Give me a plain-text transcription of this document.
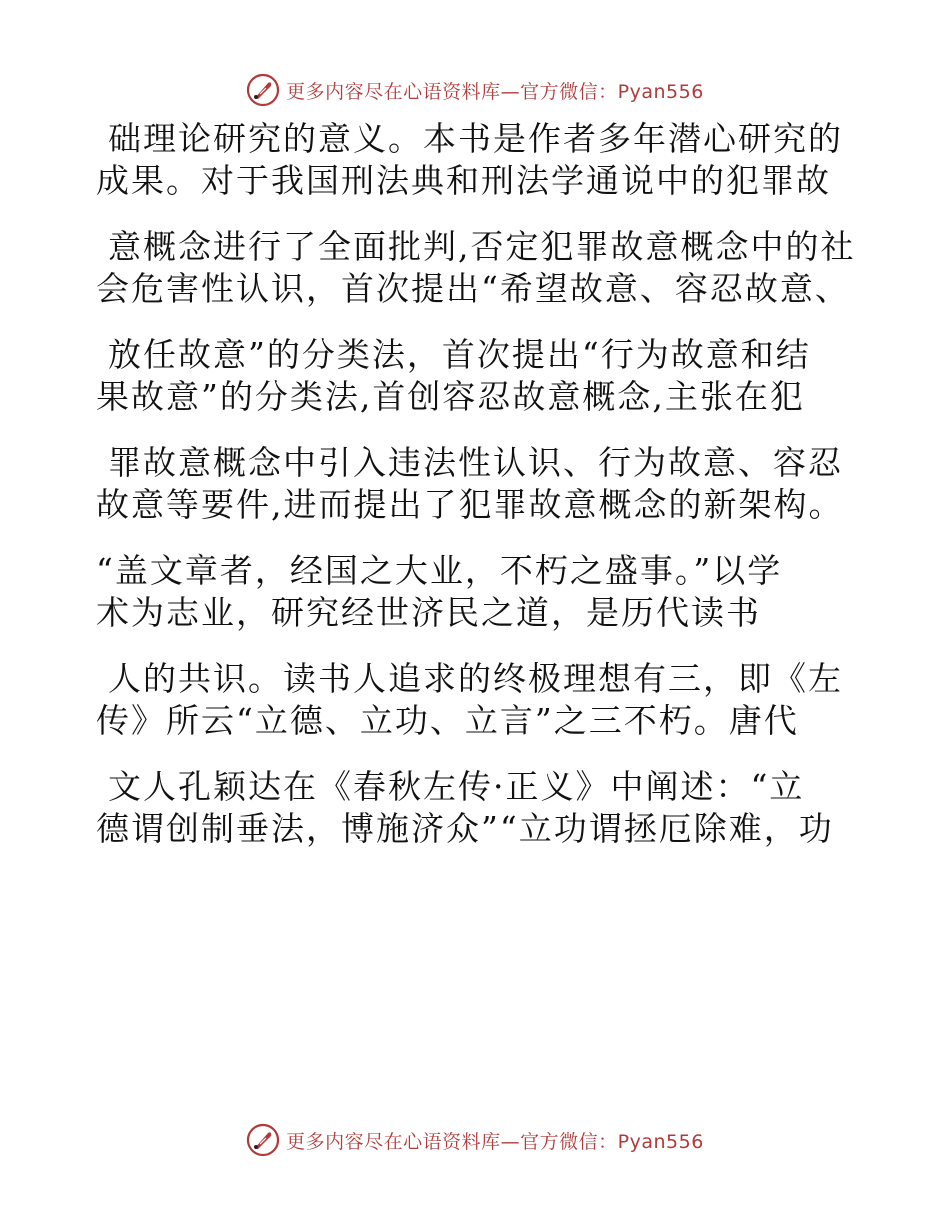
更多内容尽在心语资料库—官方微信：Pyan556
础理论研究的意义。本书是作者多年潜心研究的
成果。对于我国刑法典和刑法学通说中的犯罪故
意概念进行了全面批判,否定犯罪故意概念中的社
会危害性认识，首次提出“希望故意、容忍故意、
放任故意”的分类法，首次提出“行为故意和结
果故意”的分类法,首创容忍故意概念,主张在犯
罪故意概念中引入违法性认识、行为故意、容忍
故意等要件,进而提出了犯罪故意概念的新架构。
“盖文章者，经国之大业，不朽之盛事。”以学
术为志业，研究经世济民之道，是历代读书
人的共识。读书人追求的终极理想有三，即《左
传》所云“立德、立功、立言”之三不朽。唐代
文人孔颖达在《春秋左传·正义》中阐述：“立
德谓创制垂法，博施济众”“立功谓拯厄除难，功
更多内容尽在心语资料库—官方微信：Pyan556
